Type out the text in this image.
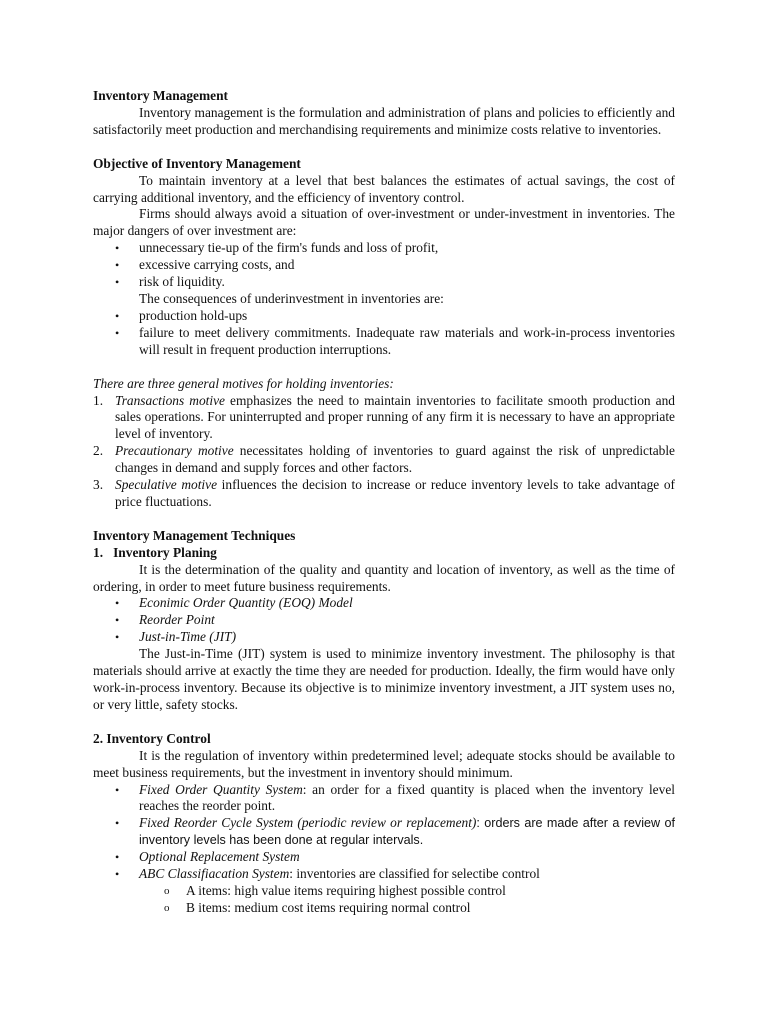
Inventory Management

Inventory management is the formulation and administration of plans and policies to efficiently and satisfactorily meet production and merchandising requirements and minimize costs relative to inventories.

Objective of Inventory Management

To maintain inventory at a level that best balances the estimates of actual savings, the cost of carrying additional inventory, and the efficiency of inventory control.

Firms should always avoid a situation of over-investment or under-investment in inventories. The major dangers of over investment are:

• unnecessary tie-up of the firm's funds and loss of profit,
• excessive carrying costs, and
• risk of liquidity.

The consequences of underinvestment in inventories are:

• production hold-ups
• failure to meet delivery commitments. Inadequate raw materials and work-in-process inventories will result in frequent production interruptions.

There are three general motives for holding inventories:

1. Transactions motive emphasizes the need to maintain inventories to facilitate smooth production and sales operations. For uninterrupted and proper running of any firm it is necessary to have an appropriate level of inventory.
2. Precautionary motive necessitates holding of inventories to guard against the risk of unpredictable changes in demand and supply forces and other factors.
3. Speculative motive influences the decision to increase or reduce inventory levels to take advantage of price fluctuations.

Inventory Management Techniques

1.   Inventory Planing

It is the determination of the quality and quantity and location of inventory, as well as the time of ordering, in order to meet future business requirements.

• Econimic Order Quantity (EOQ) Model
• Reorder Point
• Just-in-Time (JIT)

The Just-in-Time (JIT) system is used to minimize inventory investment. The philosophy is that materials should arrive at exactly the time they are needed for production. Ideally, the firm would have only work-in-process inventory. Because its objective is to minimize inventory investment, a JIT system uses no, or very little, safety stocks.

2. Inventory Control

It is the regulation of inventory within predetermined level; adequate stocks should be available to meet business requirements, but the investment in inventory should minimum.

• Fixed Order Quantity System: an order for a fixed quantity is placed when the inventory level reaches the reorder point.
• Fixed Reorder Cycle System (periodic review or replacement): orders are made after a review of inventory levels has been done at regular intervals.
• Optional Replacement System
• ABC Classifiacation System: inventories are classified for selectibe control
o A items: high value items requiring highest possible control
o B items: medium cost items requiring normal control
